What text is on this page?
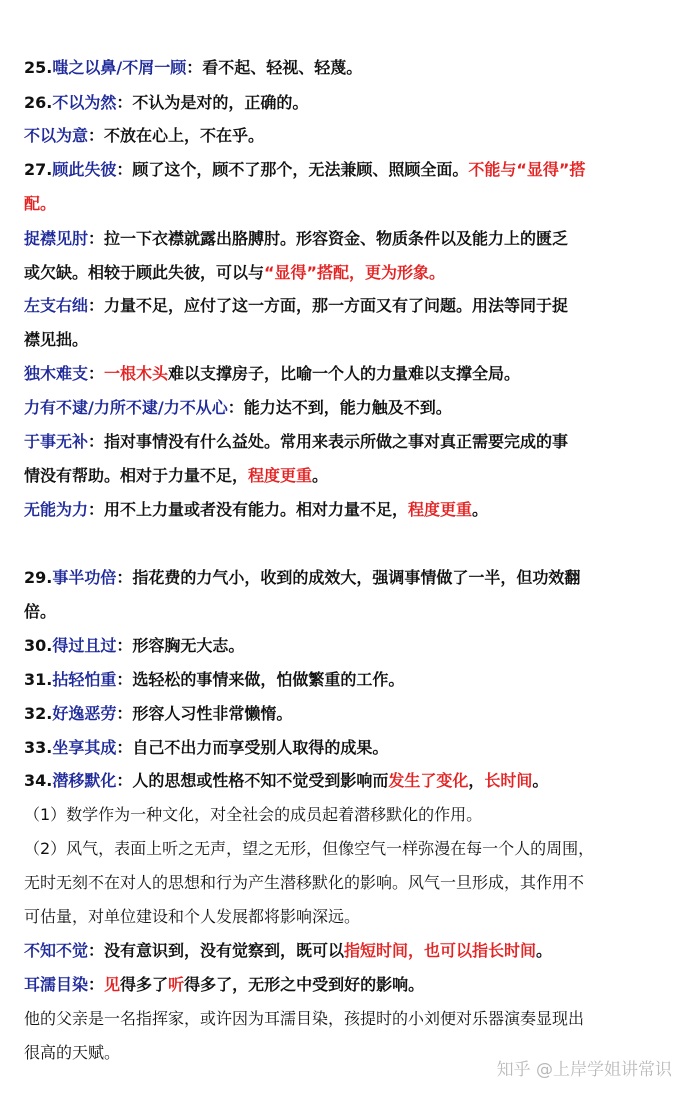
25.嗤之以鼻/不屑一顾：看不起、轻视、轻蔑。
26.不以为然：不认为是对的，正确的。
不以为意：不放在心上，不在乎。
27.顾此失彼：顾了这个，顾不了那个，无法兼顾、照顾全面。不能与“显得”搭
配。
捉襟见肘：拉一下衣襟就露出胳膊肘。形容资金、物质条件以及能力上的匮乏
或欠缺。相较于顾此失彼，可以与“显得”搭配，更为形象。
左支右绌：力量不足，应付了这一方面，那一方面又有了问题。用法等同于捉
襟见拙。
独木难支：一根木头难以支撑房子，比喻一个人的力量难以支撑全局。
力有不逮/力所不逮/力不从心：能力达不到，能力触及不到。
于事无补：指对事情没有什么益处。常用来表示所做之事对真正需要完成的事
情没有帮助。相对于力量不足，程度更重。
无能为力：用不上力量或者没有能力。相对力量不足，程度更重。
29.事半功倍：指花费的力气小，收到的成效大，强调事情做了一半，但功效翻
倍。
30.得过且过：形容胸无大志。
31.拈轻怕重：选轻松的事情来做，怕做繁重的工作。
32.好逸恶劳：形容人习性非常懒惰。
33.坐享其成：自己不出力而享受别人取得的成果。
34.潜移默化：人的思想或性格不知不觉受到影响而发生了变化，长时间。
（1）数学作为一种文化，对全社会的成员起着潜移默化的作用。
（2）风气，表面上听之无声，望之无形，但像空气一样弥漫在每一个人的周围，
无时无刻不在对人的思想和行为产生潜移默化的影响。风气一旦形成，其作用不
可估量，对单位建设和个人发展都将影响深远。
不知不觉：没有意识到，没有觉察到，既可以指短时间，也可以指长时间。
耳濡目染：见得多了听得多了，无形之中受到好的影响。
他的父亲是一名指挥家，或许因为耳濡目染，孩提时的小刘便对乐器演奏显现出
很高的天赋。
知乎 @上岸学姐讲常识
